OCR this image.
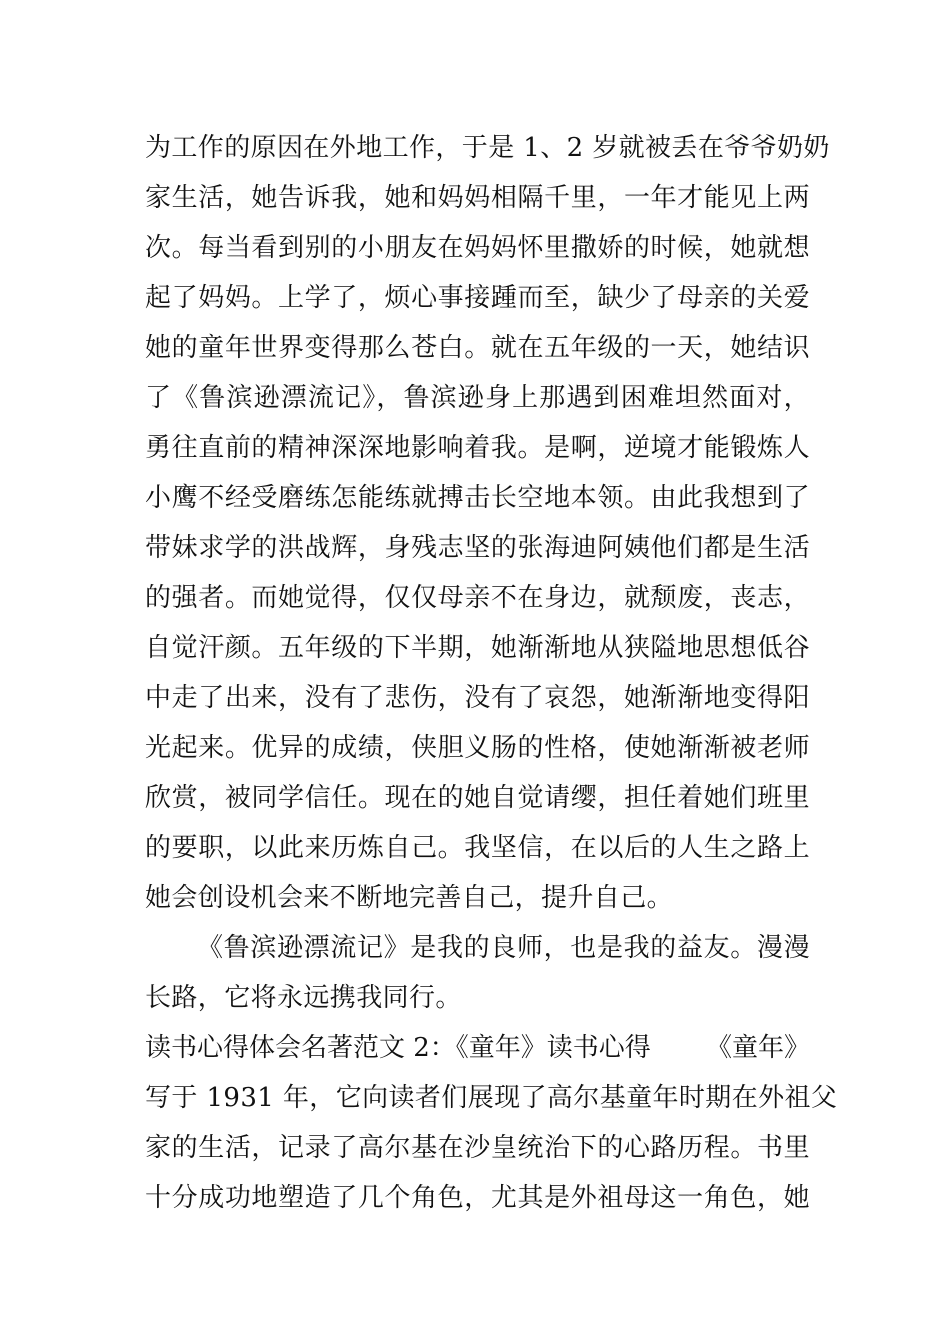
为工作的原因在外地工作，于是 1、2 岁就被丢在爷爷奶奶
家生活，她告诉我，她和妈妈相隔千里，一年才能见上两
次。每当看到别的小朋友在妈妈怀里撒娇的时候，她就想
起了妈妈。上学了，烦心事接踵而至，缺少了母亲的关爱
她的童年世界变得那么苍白。就在五年级的一天，她结识
了《鲁滨逊漂流记》，鲁滨逊身上那遇到困难坦然面对，
勇往直前的精神深深地影响着我。是啊，逆境才能锻炼人
小鹰不经受磨练怎能练就搏击长空地本领。由此我想到了
带妹求学的洪战辉，身残志坚的张海迪阿姨他们都是生活
的强者。而她觉得，仅仅母亲不在身边，就颓废，丧志，
自觉汗颜。五年级的下半期，她渐渐地从狭隘地思想低谷
中走了出来，没有了悲伤，没有了哀怨，她渐渐地变得阳
光起来。优异的成绩，侠胆义肠的性格，使她渐渐被老师
欣赏，被同学信任。现在的她自觉请缨，担任着她们班里
的要职，以此来历炼自己。我坚信，在以后的人生之路上
她会创设机会来不断地完善自己，提升自己。
《鲁滨逊漂流记》是我的良师，也是我的益友。漫漫
长路，它将永远携我同行。
读书心得体会名著范文 2：《童年》读书心得 《童年》
写于 1931 年，它向读者们展现了高尔基童年时期在外祖父
家的生活，记录了高尔基在沙皇统治下的心路历程。书里
十分成功地塑造了几个角色，尤其是外祖母这一角色，她
